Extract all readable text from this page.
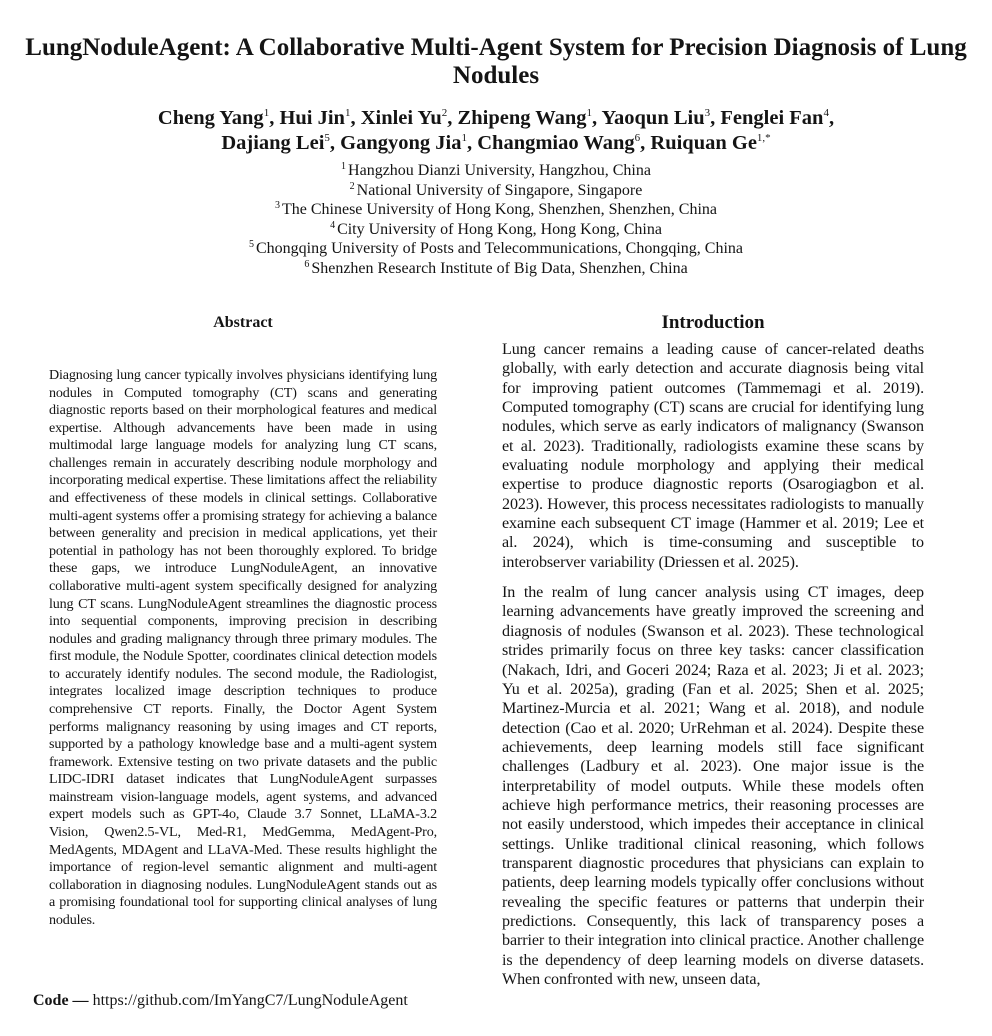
LungNoduleAgent: A Collaborative Multi-Agent System for Precision Diagnosis of Lung Nodules
Cheng Yang$^1$, Hui Jin$^1$, Xinlei Yu$^2$, Zhipeng Wang$^1$, Yaoqun Liu$^3$, Fenglei Fan$^4$,
Dajiang Lei$^5$, Gangyong Jia$^1$, Changmiao Wang$^6$, Ruiquan $Ge^{1,*}$
$^1$ Hangzhou Dianzi University, Hangzhou, China
$^2$ National University of Singapore, Singapore
$^3$ The Chinese University of Hong Kong, Shenzhen, Shenzhen, China
$^4$ City University of Hong Kong, Hong Kong, China
$^5$ Chongqing University of Posts and Telecommunications, Chongqing, China
$^6$ Shenzhen Research Institute of Big Data, Shenzhen, China
Abstract
Diagnosing lung cancer typically involves physicians identifying lung nodules in Computed tomography (CT) scans and generating diagnostic reports based on their morphological features and medical expertise. Although advancements have been made in using multimodal large language models for analyzing lung CT scans, challenges remain in accurately describing nodule morphology and incorporating medical expertise. These limitations affect the reliability and effectiveness of these models in clinical settings. Collaborative multi-agent systems offer a promising strategy for achieving a balance between generality and precision in medical applications, yet their potential in pathology has not been thoroughly explored. To bridge these gaps, we introduce LungNoduleAgent, an innovative collaborative multi-agent system specifically designed for analyzing lung CT scans. LungNoduleAgent streamlines the diagnostic process into sequential components, improving precision in describing nodules and grading malignancy through three primary modules. The first module, the Nodule Spotter, coordinates clinical detection models to accurately identify nodules. The second module, the Radiologist, integrates localized image description techniques to produce comprehensive CT reports. Finally, the Doctor Agent System performs malignancy reasoning by using images and CT reports, supported by a pathology knowledge base and a multi-agent system framework. Extensive testing on two private datasets and the public LIDC-IDRI dataset indicates that LungNoduleAgent surpasses mainstream vision-language models, agent systems, and advanced expert models such as GPT-4o, Claude 3.7 Sonnet, LLaMA-3.2 Vision, Qwen2.5-VL, Med-R1, MedGemma, MedAgent-Pro, MedAgents, MDAgent and LLaVA-Med. These results highlight the importance of region-level semantic alignment and multi-agent collaboration in diagnosing nodules. LungNoduleAgent stands out as a promising foundational tool for supporting clinical analyses of lung nodules.
Code — https://github.com/ImYangC7/LungNoduleAgent
Introduction

Lung cancer remains a leading cause of cancer-related deaths globally, with early detection and accurate diagnosis being vital for improving patient outcomes (Tammemagi et al. 2019). Computed tomography (CT) scans are crucial for identifying lung nodules, which serve as early indicators of malignancy (Swanson et al. 2023). Traditionally, radiologists examine these scans by evaluating nodule morphology and applying their medical expertise to produce diagnostic reports (Osarogiagbon et al. 2023). However, this process necessitates radiologists to manually examine each subsequent CT image (Hammer et al. 2019; Lee et al. 2024), which is time-consuming and susceptible to interobserver variability (Driessen et al. 2025).

In the realm of lung cancer analysis using CT images, deep learning advancements have greatly improved the screening and diagnosis of nodules (Swanson et al. 2023). These technological strides primarily focus on three key tasks: cancer classification (Nakach, Idri, and Goceri 2024; Raza et al. 2023; Ji et al. 2023; Yu et al. 2025a), grading (Fan et al. 2025; Shen et al. 2025; Martinez-Murcia et al. 2021; Wang et al. 2018), and nodule detection (Cao et al. 2020; UrRehman et al. 2024). Despite these achievements, deep learning models still face significant challenges (Ladbury et al. 2023). One major issue is the interpretability of model outputs. While these models often achieve high performance metrics, their reasoning processes are not easily understood, which impedes their acceptance in clinical settings. Unlike traditional clinical reasoning, which follows transparent diagnostic procedures that physicians can explain to patients, deep learning models typically offer conclusions without revealing the specific features or patterns that underpin their predictions. Consequently, this lack of transparency poses a barrier to their integration into clinical practice. Another challenge is the dependency of deep learning models on diverse datasets. When confronted with new, unseen data,
